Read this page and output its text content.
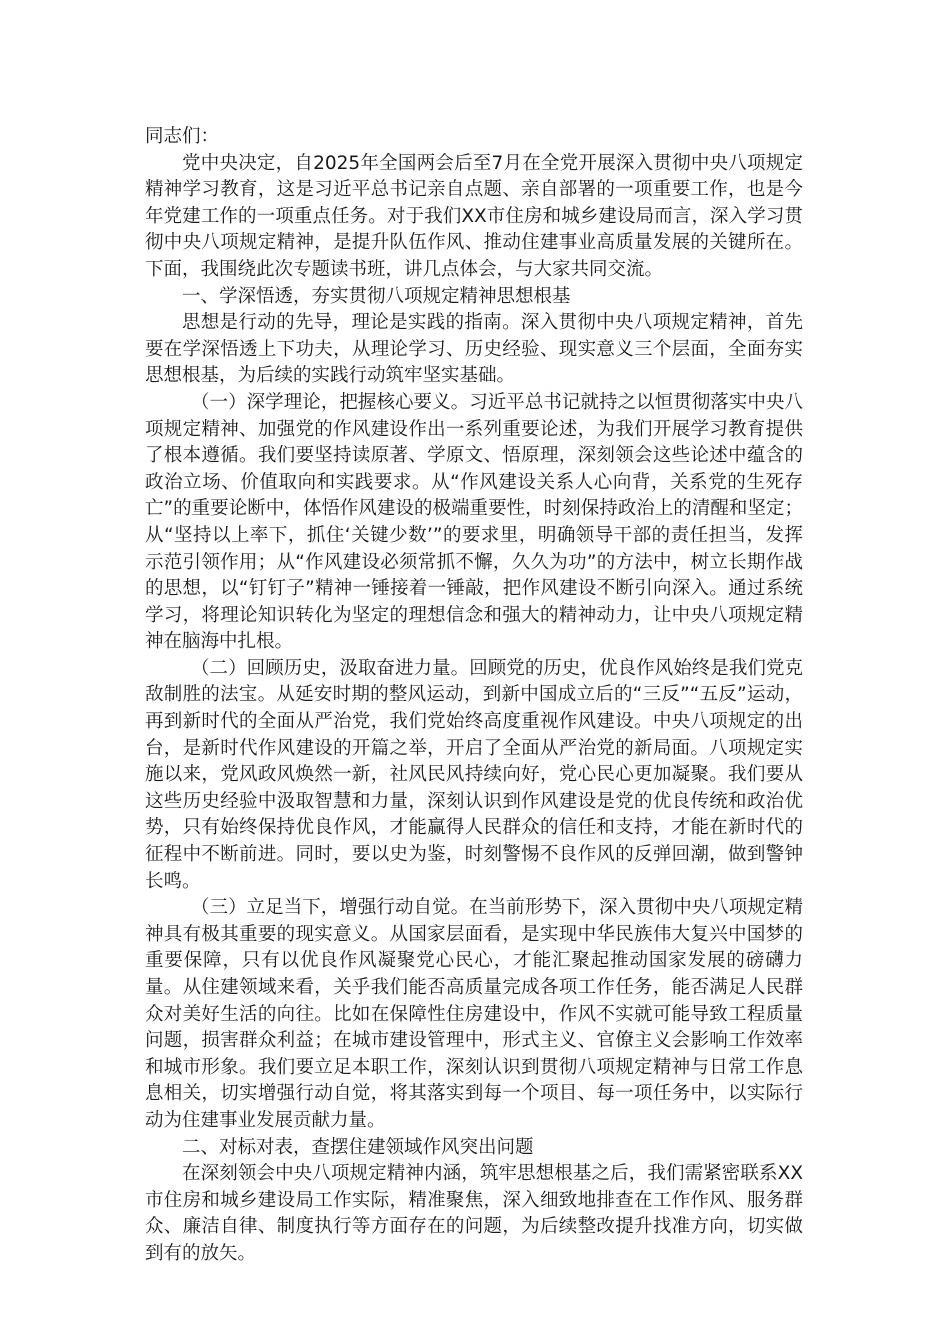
同志们：

党中央决定，自2025年全国两会后至7月在全党开展深入贯彻中央八项规定精神学习教育，这是习近平总书记亲自点题、亲自部署的一项重要工作，也是今年党建工作的一项重点任务。对于我们XX市住房和城乡建设局而言，深入学习贯彻中央八项规定精神，是提升队伍作风、推动住建事业高质量发展的关键所在。下面，我围绕此次专题读书班，讲几点体会，与大家共同交流。

一、学深悟透，夯实贯彻八项规定精神思想根基

思想是行动的先导，理论是实践的指南。深入贯彻中央八项规定精神，首先要在学深悟透上下功夫，从理论学习、历史经验、现实意义三个层面，全面夯实思想根基，为后续的实践行动筑牢坚实基础。

（一）深学理论，把握核心要义。习近平总书记就持之以恒贯彻落实中央八项规定精神、加强党的作风建设作出一系列重要论述，为我们开展学习教育提供了根本遵循。我们要坚持读原著、学原文、悟原理，深刻领会这些论述中蕴含的政治立场、价值取向和实践要求。从“作风建设关系人心向背，关系党的生死存亡”的重要论断中，体悟作风建设的极端重要性，时刻保持政治上的清醒和坚定；从“坚持以上率下，抓住‘关键少数’”的要求里，明确领导干部的责任担当，发挥示范引领作用；从“作风建设必须常抓不懈，久久为功”的方法中，树立长期作战的思想，以“钉钉子”精神一锤接着一锤敲，把作风建设不断引向深入。通过系统学习，将理论知识转化为坚定的理想信念和强大的精神动力，让中央八项规定精神在脑海中扎根。

（二）回顾历史，汲取奋进力量。回顾党的历史，优良作风始终是我们党克敌制胜的法宝。从延安时期的整风运动，到新中国成立后的“三反”“五反”运动，再到新时代的全面从严治党，我们党始终高度重视作风建设。中央八项规定的出台，是新时代作风建设的开篇之举，开启了全面从严治党的新局面。八项规定实施以来，党风政风焕然一新，社风民风持续向好，党心民心更加凝聚。我们要从这些历史经验中汲取智慧和力量，深刻认识到作风建设是党的优良传统和政治优势，只有始终保持优良作风，才能赢得人民群众的信任和支持，才能在新时代的征程中不断前进。同时，要以史为鉴，时刻警惕不良作风的反弹回潮，做到警钟长鸣。

（三）立足当下，增强行动自觉。在当前形势下，深入贯彻中央八项规定精神具有极其重要的现实意义。从国家层面看，是实现中华民族伟大复兴中国梦的重要保障，只有以优良作风凝聚党心民心，才能汇聚起推动国家发展的磅礴力量。从住建领域来看，关乎我们能否高质量完成各项工作任务，能否满足人民群众对美好生活的向往。比如在保障性住房建设中，作风不实就可能导致工程质量问题，损害群众利益；在城市建设管理中，形式主义、官僚主义会影响工作效率和城市形象。我们要立足本职工作，深刻认识到贯彻八项规定精神与日常工作息息相关，切实增强行动自觉，将其落实到每一个项目、每一项任务中，以实际行动为住建事业发展贡献力量。

二、对标对表，查摆住建领域作风突出问题

在深刻领会中央八项规定精神内涵，筑牢思想根基之后，我们需紧密联系XX市住房和城乡建设局工作实际，精准聚焦，深入细致地排查在工作作风、服务群众、廉洁自律、制度执行等方面存在的问题，为后续整改提升找准方向，切实做到有的放矢。
